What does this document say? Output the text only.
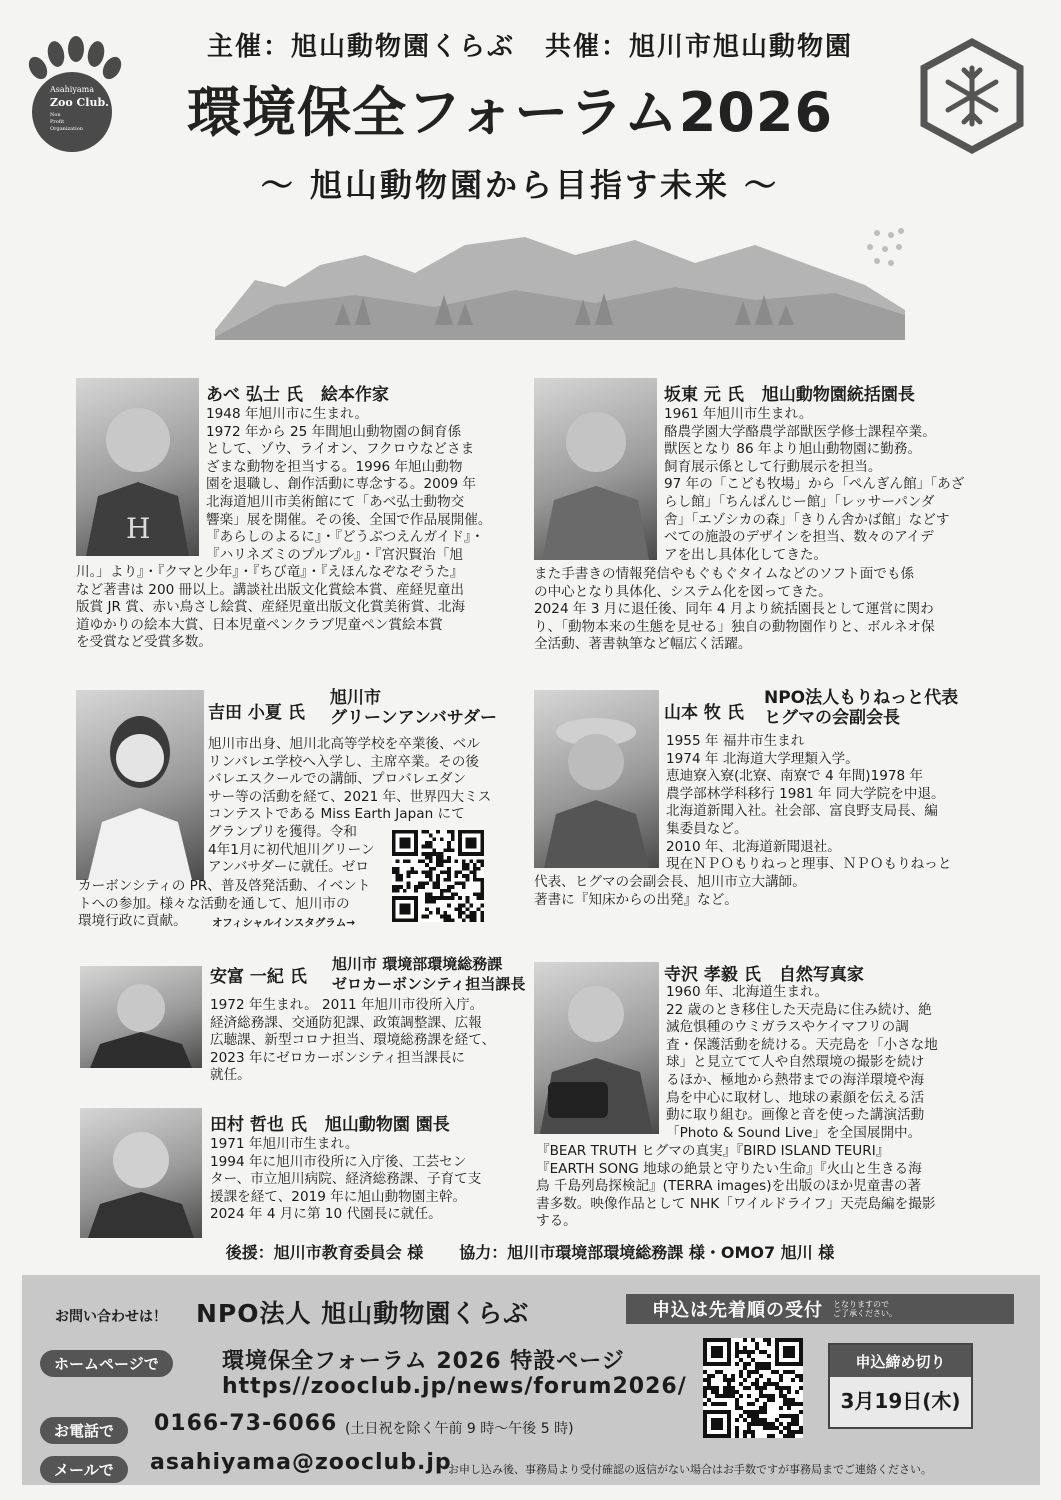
Asahiyama
Zoo Club.
Non
Profit
Organization
主催：旭山動物園くらぶ 共催：旭川市旭山動物園
環境保全フォーラム2026
～ 旭山動物園から目指す未来 ～
H
あべ 弘士 氏 絵本作家

1948 年旭川市に生まれ。

1972 年から 25 年間旭山動物園の飼育係

として、ゾウ、ライオン、フクロウなどさま

ざまな動物を担当する。1996 年旭山動物

園を退職し、創作活動に専念する。2009 年

北海道旭川市美術館にて「あべ弘士動物交

響楽」展を開催。その後、全国で作品展開催。

『あらしのよるに』・『どうぶつえんガイド』・

『ハリネズミのプルプル』・『宮沢賢治「旭

川。」より』・『クマと少年』・『ちび竜』・『えほんなぞなぞうた』

など著書は 200 冊以上。講談社出版文化賞絵本賞、産経児童出

版賞 JR 賞、赤い鳥さし絵賞、産経児童出版文化賞美術賞、北海

道ゆかりの絵本大賞、日本児童ペンクラブ児童ペン賞絵本賞

を受賞など受賞多数。

坂東 元 氏 旭山動物園統括園長

1961 年旭川市生まれ。

酪農学園大学酪農学部獣医学修士課程卒業。

獣医となり 86 年より旭山動物園に勤務。

飼育展示係として行動展示を担当。

97 年の「こども牧場」から「ぺんぎん館」「あざ

らし館」「ちんぱんじー館」「レッサーパンダ

舎」「エゾシカの森」「きりん舎かば館」などす

べての施設のデザインを担当、数々のアイデ

アを出し具体化してきた。

また手書きの情報発信やもぐもぐタイムなどのソフト面でも係

の中心となり具体化、システム化を図ってきた。

2024 年 3 月に退任後、同年 4 月より統括園長として運営に関わ

り、「動物本来の生態を見せる」独自の動物園作りと、ボルネオ保

全活動、著書執筆など幅広く活躍。

吉田 小夏 氏
旭川市
グリーンアンバサダー

旭川市出身、旭川北高等学校を卒業後、ベル

リンバレエ学校へ入学し、主席卒業。その後

バレエスクールでの講師、プロバレエダン

サー等の活動を経て、2021 年、世界四大ミス

コンテストである Miss Earth Japan にて

グランプリを獲得。令和

4年1月に初代旭川グリーン

アンバサダーに就任。ゼロ

カーボンシティの PR、普及啓発活動、イベント

トへの参加。様々な活動を通して、旭川市の

環境行政に貢献。	オフィシャルインスタグラム→
山本 牧 氏
NPO法人もりねっと代表
ヒグマの会副会長

1955 年 福井市生まれ

1974 年 北海道大学理類入学。

恵迪寮入寮(北寮、南寮で 4 年間)1978 年

農学部林学科移行 1981 年 同大学院を中退。

北海道新聞入社。社会部、富良野支局長、編

集委員など。

2010 年、北海道新聞退社。

現在ＮＰＯもりねっと理事、ＮＰＯもりねっと

代表、ヒグマの会副会長、旭川市立大講師。

著書に『知床からの出発』など。

安富 一紀 氏
旭川市 環境部環境総務課
ゼロカーボンシティ担当課長

1972 年生まれ。 2011 年旭川市役所入庁。

経済総務課、交通防犯課、政策調整課、広報

広聴課、新型コロナ担当、環境総務課を経て、

2023 年にゼロカーボンシティ担当課長に

就任。

寺沢 孝毅 氏 自然写真家

1960 年、北海道生まれ。

22 歳のとき移住した天売島に住み続け、絶

滅危惧種のウミガラスやケイマフリの調

査・保護活動を続ける。天売島を「小さな地

球」と見立てて人や自然環境の撮影を続け

るほか、極地から熱帯までの海洋環境や海

鳥を中心に取材し、地球の素顔を伝える活

動に取り組む。画像と音を使った講演活動

「Photo & Sound Live」を全国展開中。

『BEAR TRUTH ヒグマの真実』『BIRD ISLAND TEURI』

『EARTH SONG 地球の絶景と守りたい生命』『火山と生きる海

鳥 千島列島探検記』(TERRA images)を出版のほか児童書の著

書多数。映像作品として NHK「ワイルドライフ」天売島編を撮影

する。

田村 哲也 氏 旭山動物園 園長

1971 年旭川市生まれ。

1994 年に旭川市役所に入庁後、工芸セン

ター、市立旭川病院、経済総務課、子育て支

援課を経て、2019 年に旭山動物園主幹。

2024 年 4 月に第 10 代園長に就任。

後援：旭川市教育委員会 様 協力：旭川市環境部環境総務課 様・OMO7 旭川 様
お問い合わせは！ NPO法人 旭山動物園くらぶ	申込は先着順の受付 となりますので
ご了承ください。
ホームページで	環境保全フォーラム 2026 特設ページ
https//zooclub.jp/news/forum2026/
お電話で	0166-73-6066 (土日祝を除く午前 9 時～午後 5 時)
メールで	asahiyama@zooclub.jp
お申し込み後、事務局より受付確認の返信がない場合はお手数ですが事務局までご連絡ください。
申込締め切り
3月19日(木)
